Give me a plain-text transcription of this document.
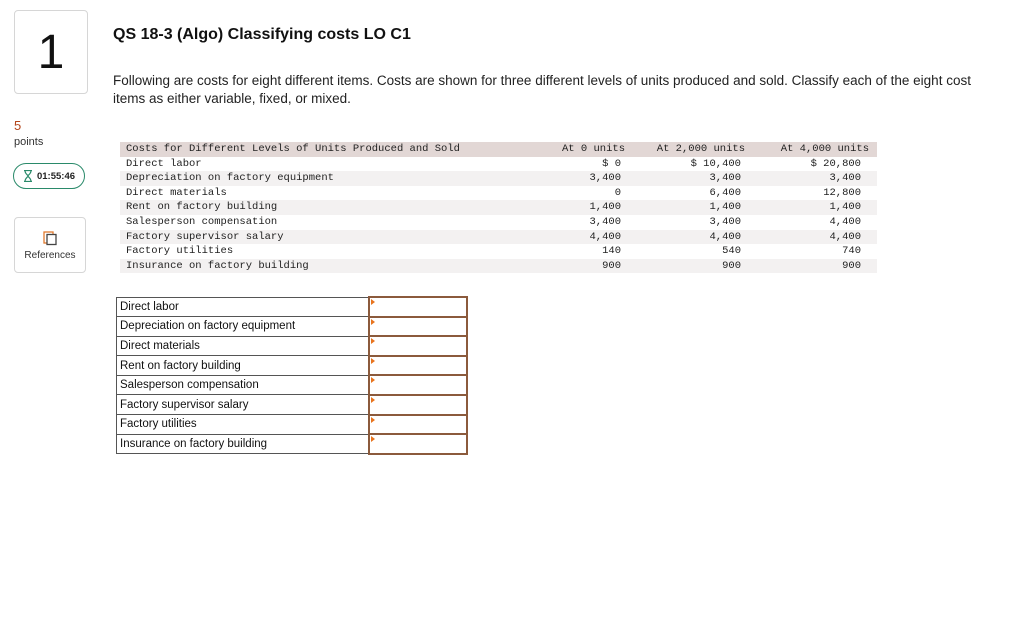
1
5
points
01:55:46
References
QS 18-3 (Algo) Classifying costs LO C1
Following are costs for eight different items. Costs are shown for three different levels of units produced and sold. Classify each of the eight cost items as either variable, fixed, or mixed.
Costs for Different Levels of Units Produced and Sold	At 0 units	At 2,000 units	At 4,000 units
Direct labor	$ 0	$ 10,400	$ 20,800
Depreciation on factory equipment	3,400	3,400	3,400
Direct materials	0	6,400	12,800
Rent on factory building	1,400	1,400	1,400
Salesperson compensation	3,400	3,400	4,400
Factory supervisor salary	4,400	4,400	4,400
Factory utilities	140	540	740
Insurance on factory building	900	900	900
Direct labor	

Depreciation on factory equipment	

Direct materials	

Rent on factory building	

Salesperson compensation	

Factory supervisor salary	

Factory utilities	

Insurance on factory building	
